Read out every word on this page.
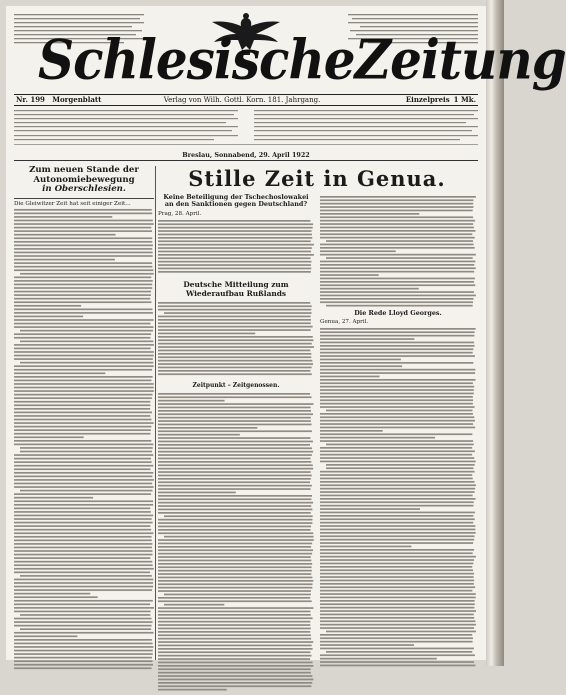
Schlesische Zeitung
Nr. 199 Morgenblatt	Verlag von Wilh. Gottl. Korn. 181. Jahrgang.	Einzelpreis 1 Mk.
Breslau, Sonnabend, 29. April 1922
Zum neuen Stande der Autonomiebewegung
in Oberschlesien.
Die Gleiwitzer Zeit hat seit einiger Zeit...
Stille Zeit in Genua.
Keine Beteiligung der Tschechoslowakei an den Sanktionen gegen Deutschland?
Prag, 28. April.
Deutsche Mitteilung zum Wiederaufbau Rußlands
Zeitpunkt – Zeitgenossen.
Die Rede Lloyd Georges.
Genua, 27. April.
